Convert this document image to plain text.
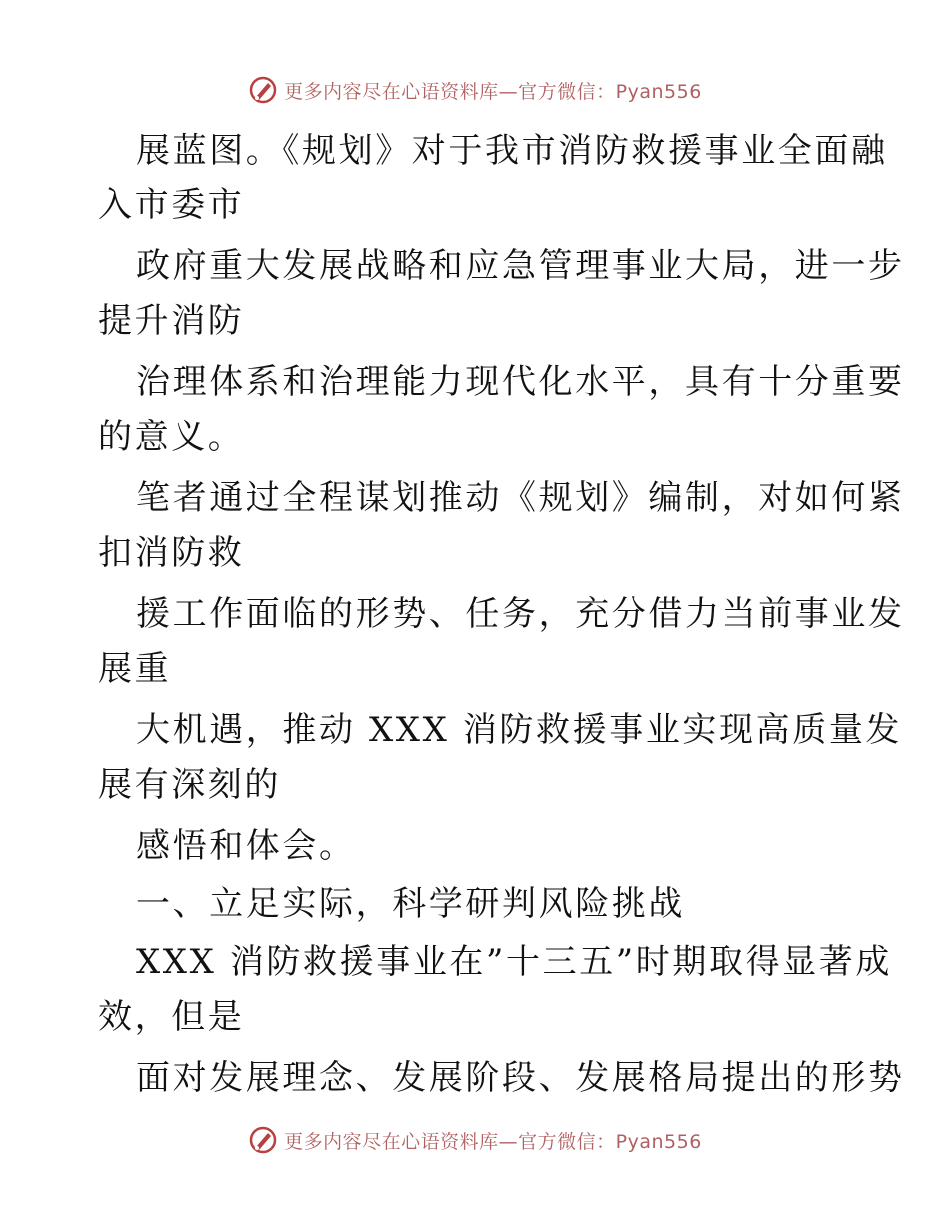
更多内容尽在心语资料库—官方微信：Pyan556
展蓝图。《规划》对于我市消防救援事业全面融
入市委市
政府重大发展战略和应急管理事业大局，进一步
提升消防
治理体系和治理能力现代化水平，具有十分重要
的意义。
笔者通过全程谋划推动《规划》编制，对如何紧
扣消防救
援工作面临的形势、任务，充分借力当前事业发
展重
大机遇，推动 XXX 消防救援事业实现高质量发
展有深刻的
感悟和体会。
一、立足实际，科学研判风险挑战
XXX 消防救援事业在”十三五”时期取得显著成
效，但是
面对发展理念、发展阶段、发展格局提出的形势
更多内容尽在心语资料库—官方微信：Pyan556
